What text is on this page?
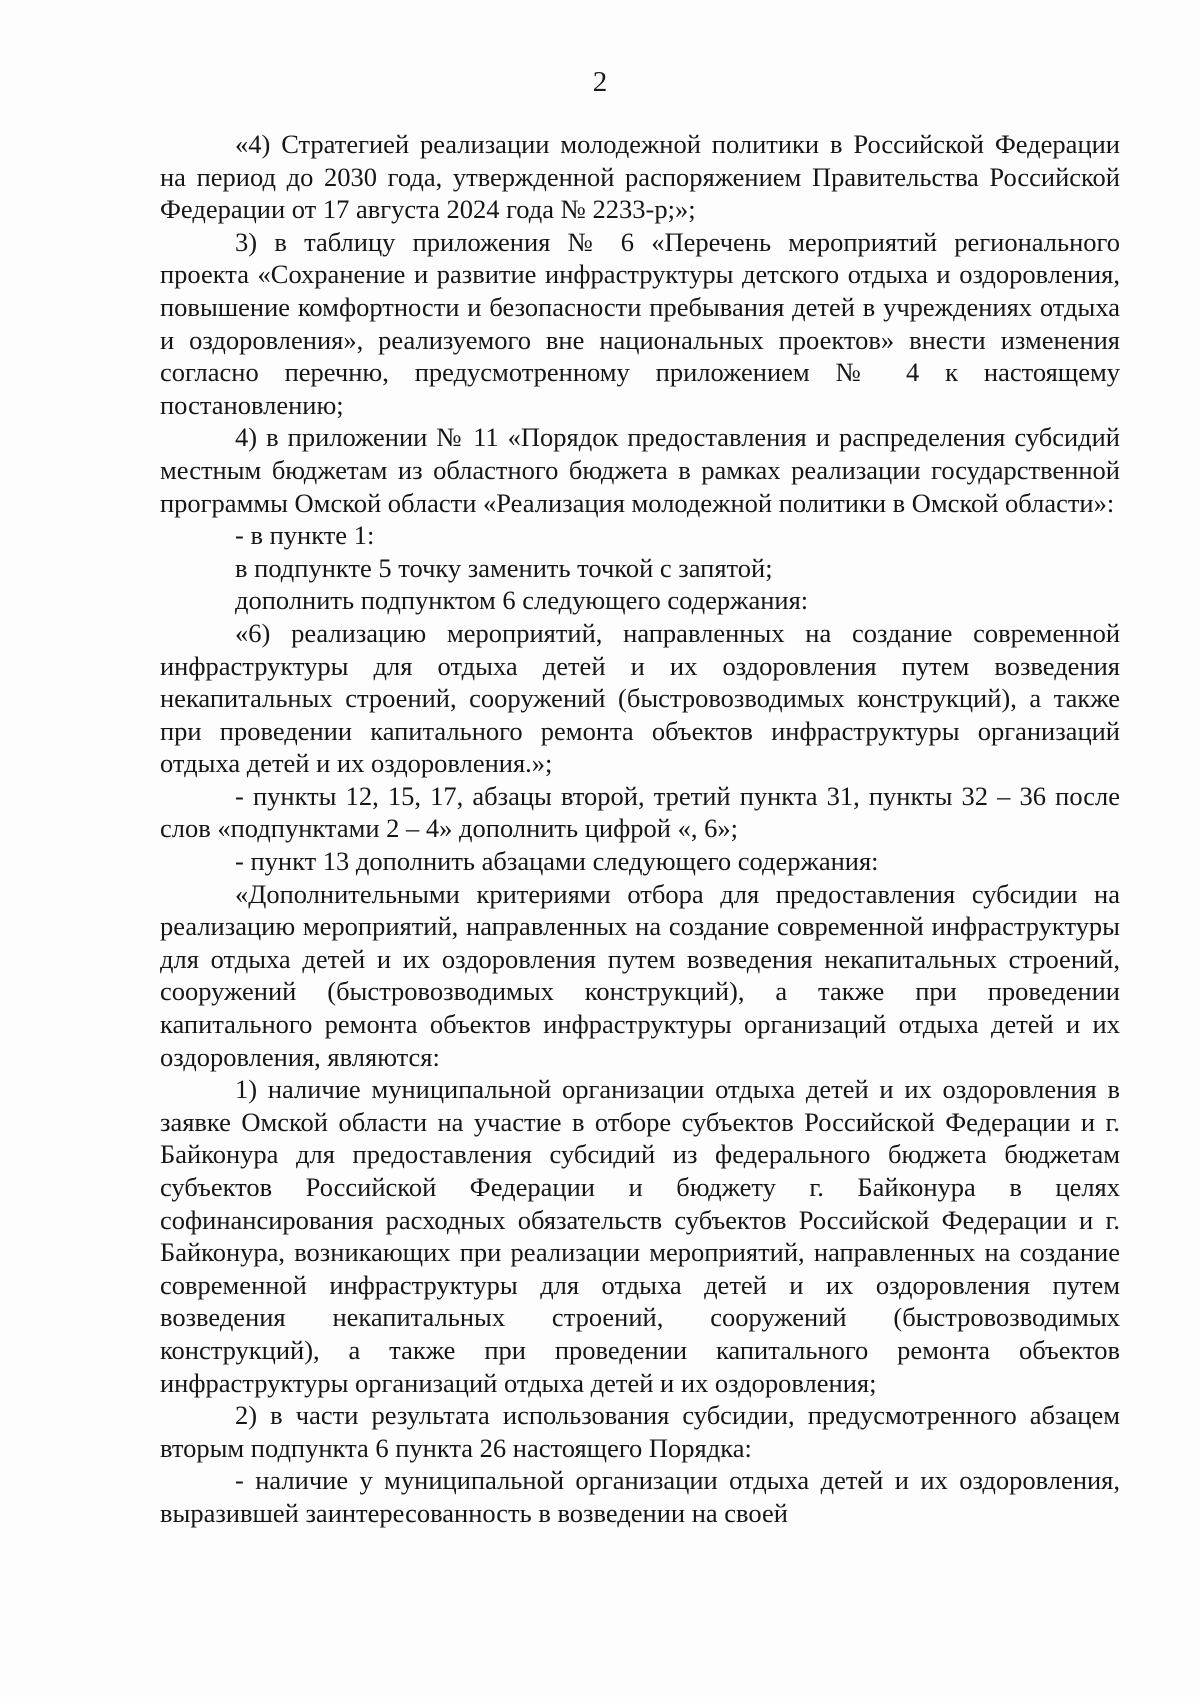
2

«4) Стратегией реализации молодежной политики в Российской Федерации на период до 2030 года, утвержденной распоряжением Правительства Российской Федерации от 17 августа 2024 года № 2233-р;»;

3) в таблицу приложения № 6 «Перечень мероприятий регионального проекта «Сохранение и развитие инфраструктуры детского отдыха и оздоровления, повышение комфортности и безопасности пребывания детей в учреждениях отдыха и оздоровления», реализуемого вне национальных проектов» внести изменения согласно перечню, предусмотренному приложением № 4 к настоящему постановлению;

4) в приложении № 11 «Порядок предоставления и распределения субсидий местным бюджетам из областного бюджета в рамках реализации государственной программы Омской области «Реализация молодежной политики в Омской области»:

- в пункте 1:

в подпункте 5 точку заменить точкой с запятой;

дополнить подпунктом 6 следующего содержания:

«6) реализацию мероприятий, направленных на создание современной инфраструктуры для отдыха детей и их оздоровления путем возведения некапитальных строений, сооружений (быстровозводимых конструкций), а также при проведении капитального ремонта объектов инфраструктуры организаций отдыха детей и их оздоровления.»;

- пункты 12, 15, 17, абзацы второй, третий пункта 31, пункты 32 – 36 после слов «подпунктами 2 – 4» дополнить цифрой «, 6»;

- пункт 13 дополнить абзацами следующего содержания:

«Дополнительными критериями отбора для предоставления субсидии на реализацию мероприятий, направленных на создание современной инфраструктуры для отдыха детей и их оздоровления путем возведения некапитальных строений, сооружений (быстровозводимых конструкций), а также при проведении капитального ремонта объектов инфраструктуры организаций отдыха детей и их оздоровления, являются:

1) наличие муниципальной организации отдыха детей и их оздоровления в заявке Омской области на участие в отборе субъектов Российской Федерации и г. Байконура для предоставления субсидий из федерального бюджета бюджетам субъектов Российской Федерации и бюджету г. Байконура в целях софинансирования расходных обязательств субъектов Российской Федерации и г. Байконура, возникающих при реализации мероприятий, направленных на создание современной инфраструктуры для отдыха детей и их оздоровления путем возведения некапитальных строений, сооружений (быстровозводимых конструкций), а также при проведении капитального ремонта объектов инфраструктуры организаций отдыха детей и их оздоровления;

2) в части результата использования субсидии, предусмотренного абзацем вторым подпункта 6 пункта 26 настоящего Порядка:

- наличие у муниципальной организации отдыха детей и их оздоровления, выразившей заинтересованность в возведении на своей
